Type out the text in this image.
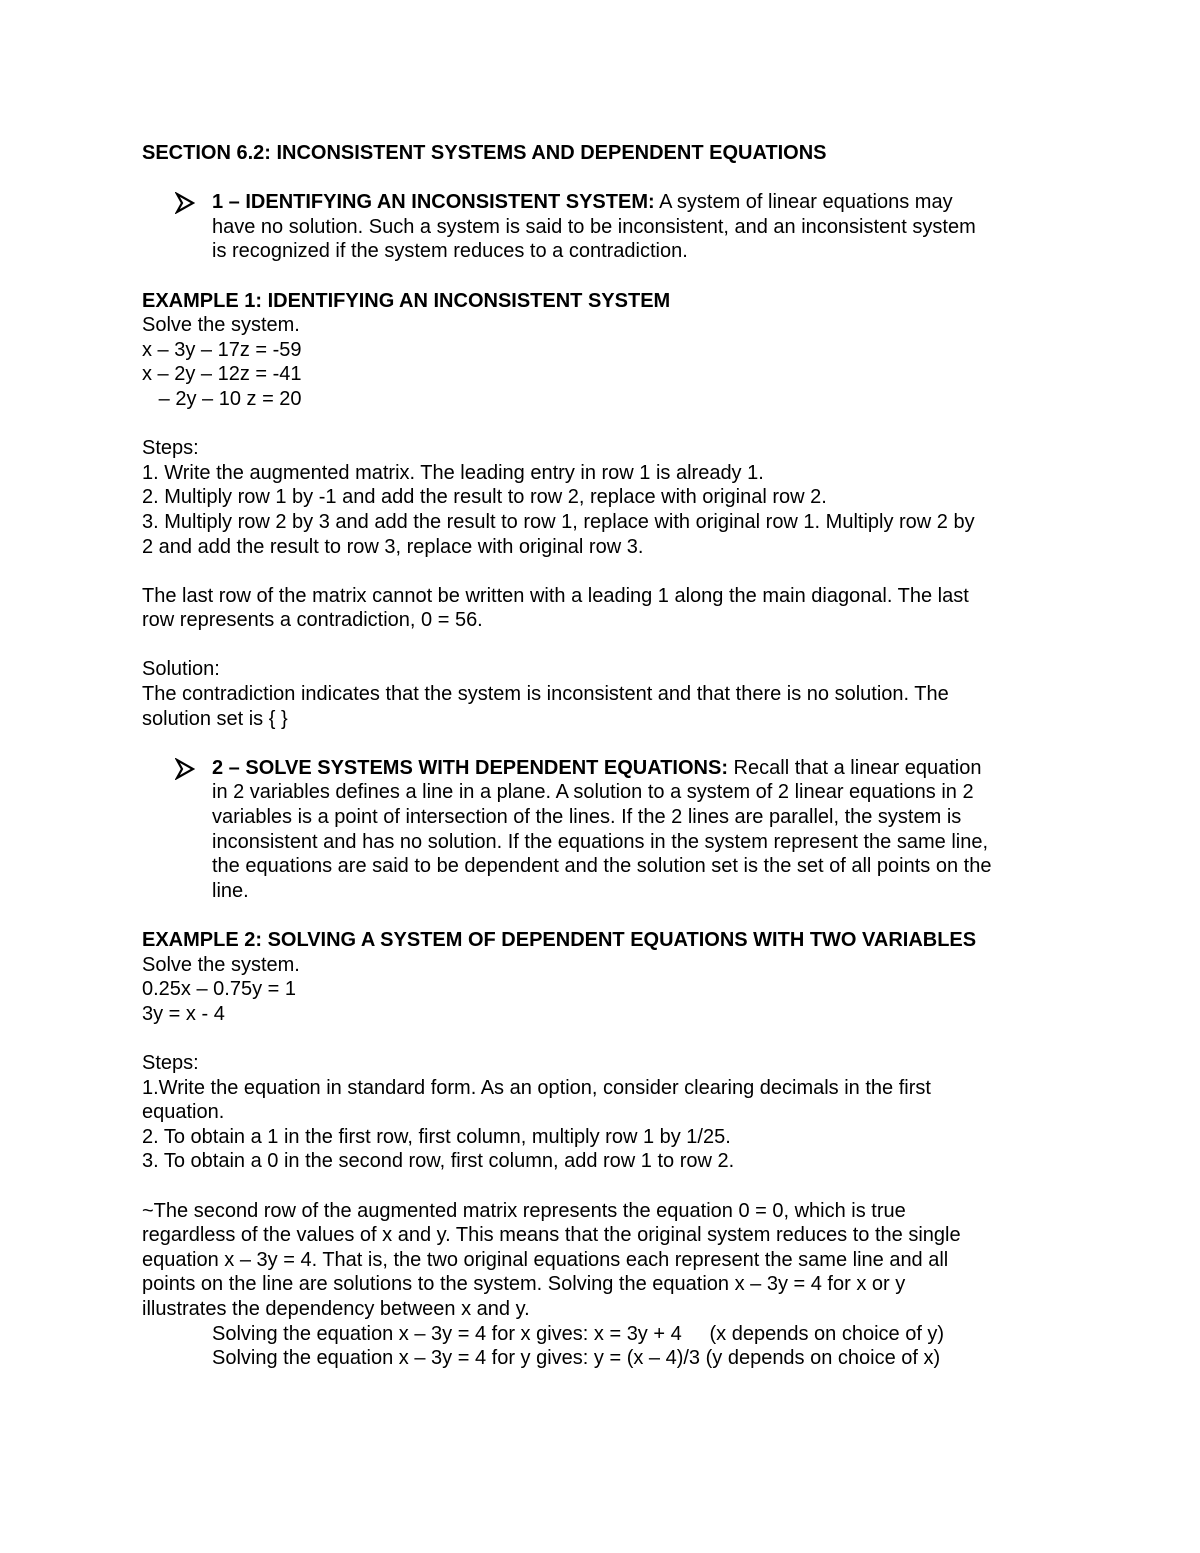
SECTION 6.2: INCONSISTENT SYSTEMS AND DEPENDENT EQUATIONS
1 – IDENTIFYING AN INCONSISTENT SYSTEM: A system of linear equations may
have no solution. Such a system is said to be inconsistent, and an inconsistent system
is recognized if the system reduces to a contradiction.
EXAMPLE 1: IDENTIFYING AN INCONSISTENT SYSTEM
Solve the system.
x – 3y – 17z = -59
x – 2y – 12z = -41
– 2y – 10 z = 20
Steps:
1. Write the augmented matrix. The leading entry in row 1 is already 1.
2. Multiply row 1 by -1 and add the result to row 2, replace with original row 2.
3. Multiply row 2 by 3 and add the result to row 1, replace with original row 1. Multiply row 2 by
2 and add the result to row 3, replace with original row 3.
The last row of the matrix cannot be written with a leading 1 along the main diagonal. The last
row represents a contradiction, 0 = 56.
Solution:
The contradiction indicates that the system is inconsistent and that there is no solution. The
solution set is { }
2 – SOLVE SYSTEMS WITH DEPENDENT EQUATIONS: Recall that a linear equation
in 2 variables defines a line in a plane. A solution to a system of 2 linear equations in 2
variables is a point of intersection of the lines. If the 2 lines are parallel, the system is
inconsistent and has no solution. If the equations in the system represent the same line,
the equations are said to be dependent and the solution set is the set of all points on the
line.
EXAMPLE 2: SOLVING A SYSTEM OF DEPENDENT EQUATIONS WITH TWO VARIABLES
Solve the system.
0.25x – 0.75y = 1
3y = x - 4
Steps:
1.Write the equation in standard form. As an option, consider clearing decimals in the first
equation.
2. To obtain a 1 in the first row, first column, multiply row 1 by 1/25.
3. To obtain a 0 in the second row, first column, add row 1 to row 2.
~The second row of the augmented matrix represents the equation 0 = 0, which is true
regardless of the values of x and y. This means that the original system reduces to the single
equation x – 3y = 4. That is, the two original equations each represent the same line and all
points on the line are solutions to the system. Solving the equation x – 3y = 4 for x or y
illustrates the dependency between x and y.
Solving the equation x – 3y = 4 for x gives: x = 3y + 4     (x depends on choice of y)
Solving the equation x – 3y = 4 for y gives: y = (x – 4)/3 (y depends on choice of x)
